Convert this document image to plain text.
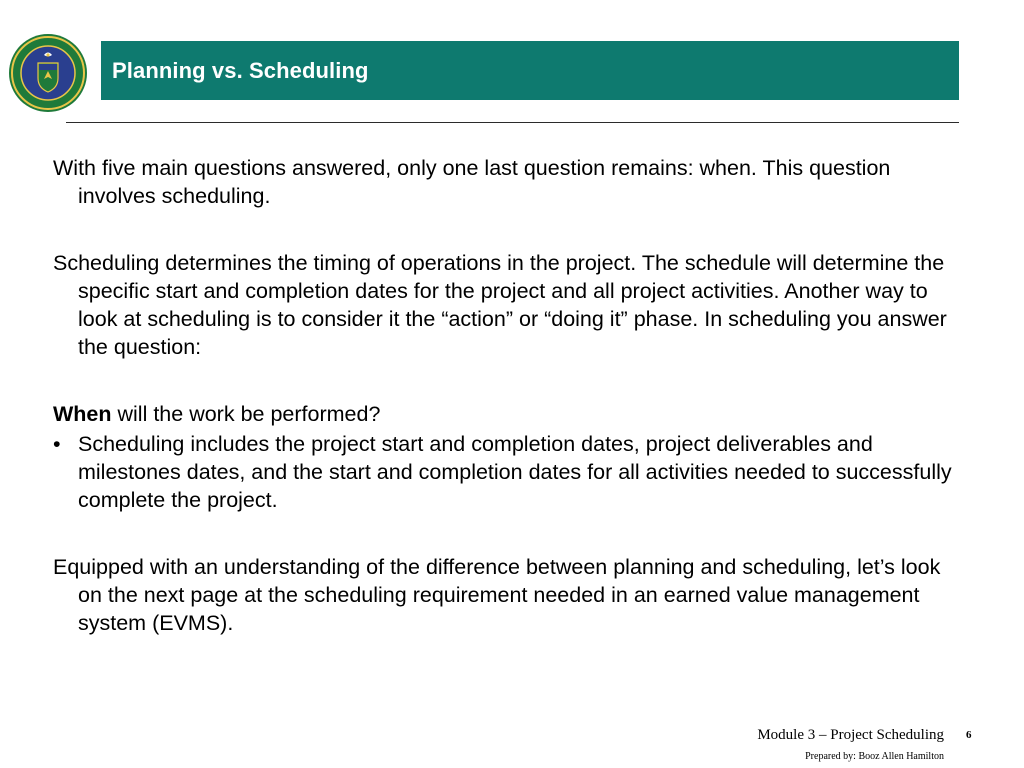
Planning vs. Scheduling

With five main questions answered, only one last question remains: when. This question involves scheduling.

Scheduling determines the timing of operations in the project. The schedule will determine the specific start and completion dates for the project and all project activities. Another way to look at scheduling is to consider it the “action” or “doing it” phase. In scheduling you answer the question:

When will the work be performed?

• Scheduling includes the project start and completion dates, project deliverables and milestones dates, and the start and completion dates for all activities needed to successfully complete the project.

Equipped with an understanding of the difference between planning and scheduling, let’s look on the next page at the scheduling requirement needed in an earned value management system (EVMS).

Module 3 – Project Scheduling 6
Prepared by: Booz Allen Hamilton
